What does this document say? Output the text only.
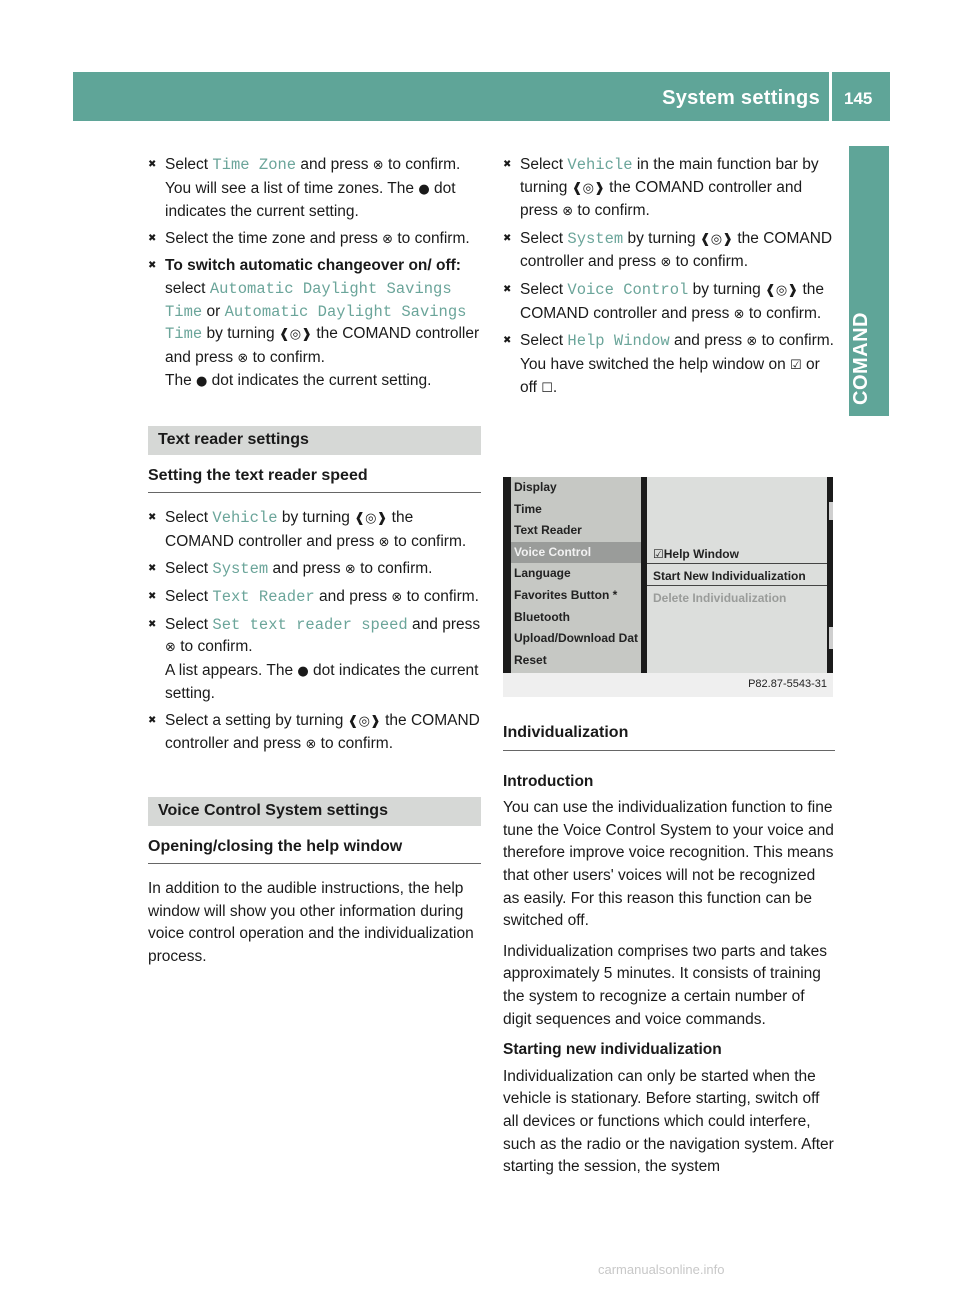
System settings 145
COMAND
✖ Select Time Zone and press ⊗ to confirm. You will see a list of time zones. The ● dot indicates the current setting.
✖ Select the time zone and press ⊗ to confirm.
✖ To switch automatic changeover on/ off: select Automatic Daylight Savings Time or Automatic Daylight Savings Time by turning ❰◎❱ the COMAND controller and press ⊗ to confirm.
The ● dot indicates the current setting.
Text reader settings
Setting the text reader speed
✖ Select Vehicle by turning ❰◎❱ the COMAND controller and press ⊗ to confirm.
✖ Select System and press ⊗ to confirm.
✖ Select Text Reader and press ⊗ to confirm.
✖ Select Set text reader speed and press ⊗ to confirm.
A list appears. The ● dot indicates the current setting.
✖ Select a setting by turning ❰◎❱ the COMAND controller and press ⊗ to confirm.
Voice Control System settings
Opening/closing the help window

In addition to the audible instructions, the help window will show you other information during voice control operation and the individualization process.

✖ Select Vehicle in the main function bar by turning ❰◎❱ the COMAND controller and press ⊗ to confirm.
✖ Select System by turning ❰◎❱ the COMAND controller and press ⊗ to confirm.
✖ Select Voice Control by turning ❰◎❱ the COMAND controller and press ⊗ to confirm.
✖ Select Help Window and press ⊗ to confirm.
You have switched the help window on ☑ or off ☐.
Display
Time
Text Reader
Voice Control
Language
Favorites Button *
Bluetooth
Upload/Download Dat
Reset
☑Help Window
Start New Individualization
Delete Individualization
P82.87-5543-31
Individualization
Introduction

You can use the individualization function to fine tune the Voice Control System to your voice and therefore improve voice recognition. This means that other users' voices will not be recognized as easily. For this reason this function can be switched off.

Individualization comprises two parts and takes approximately 5 minutes. It consists of training the system to recognize a certain number of digit sequences and voice commands.

Starting new individualization

Individualization can only be started when the vehicle is stationary. Before starting, switch off all devices or functions which could interfere, such as the radio or the navigation system. After starting the session, the system

carmanualsonline.info
